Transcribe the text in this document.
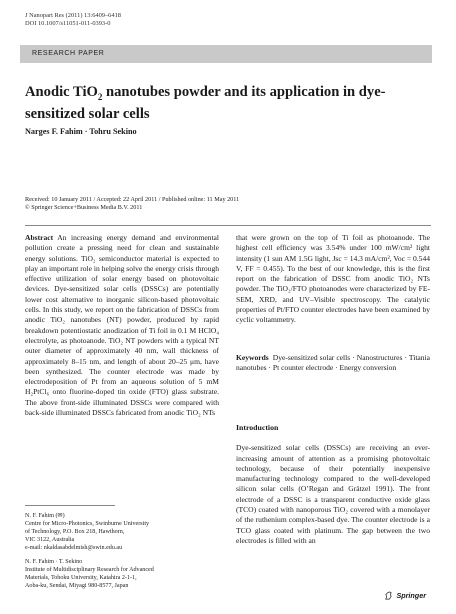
J Nanopart Res (2011) 13:6409–6418
DOI 10.1007/s11051-011-0393-0
RESEARCH PAPER
Anodic TiO$_2$ nanotubes powder and its application in dye-sensitized solar cells
Narges F. Fahim · Tohru Sekino
Received: 10 January 2011 / Accepted: 22 April 2011 / Published online: 11 May 2011
© Springer Science+Business Media B.V. 2011

Abstract An increasing energy demand and environmental pollution create a pressing need for clean and sustainable energy solutions. TiO₂ semiconductor material is expected to play an important role in helping solve the energy crisis through effective utilization of solar energy based on photovoltaic devices. Dye-sensitized solar cells (DSSCs) are potentially lower cost alternative to inorganic silicon-based photovoltaic cells. In this study, we report on the fabrication of DSSCs from anodic TiO₂ nanotubes (NT) powder, produced by rapid breakdown potentiostatic anodization of Ti foil in 0.1 M HClO₄ electrolyte, as photoanode. TiO₂ NT powders with a typical NT outer diameter of approximately 40 nm, wall thickness of approximately 8–15 nm, and length of about 20–25 μm, have been synthesized. The counter electrode was made by electrodeposition of Pt from an aqueous solution of 5 mM H₂PtCl₆ onto fluorine-doped tin oxide (FTO) glass substrate. The above front-side illuminated DSSCs were compared with back-side illuminated DSSCs fabricated from anodic TiO₂ NTs

N. F. Fahim (✉)

Centre for Micro-Photonics, Swinburne University

of Technology, P.O. Box 218, Hawthorn,

VIC 3122, Australia

e-mail: nkaldasabdelmish@swin.edu.au

N. F. Fahim · T. Sekino

Institute of Multidisciplinary Research for Advanced

Materials, Tohoku University, Katahira 2-1-1,

Aoba-ku, Sendai, Miyagi 980-8577, Japan

that were grown on the top of Ti foil as photoanode. The highest cell efficiency was 3.54% under 100 mW/cm² light intensity (1 sun AM 1.5G light, Jsc = 14.3 mA/cm², Voc = 0.544 V, FF = 0.455). To the best of our knowledge, this is the first report on the fabrication of DSSC from anodic TiO₂ NTs powder. The TiO₂/FTO photoanodes were characterized by FE-SEM, XRD, and UV–Visible spectroscopy. The catalytic properties of Pt/FTO counter electrodes have been examined by cyclic voltammetry.

Keywords Dye-sensitized solar cells · Nanostructures · Titania nanotubes · Pt counter electrode · Energy conversion

Introduction

Dye-sensitized solar cells (DSSCs) are receiving an ever-increasing amount of attention as a promising photovoltaic technology, because of their potentially inexpensive manufacturing technology compared to the well-developed silicon solar cells (O’Regan and Grätzel 1991). The front electrode of a DSSC is a transparent conductive oxide glass (TCO) coated with nanoporous TiO₂ covered with a monolayer of the ruthenium complex-based dye. The counter electrode is a TCO glass coated with platinum. The gap between the two electrodes is filled with an

Springer
